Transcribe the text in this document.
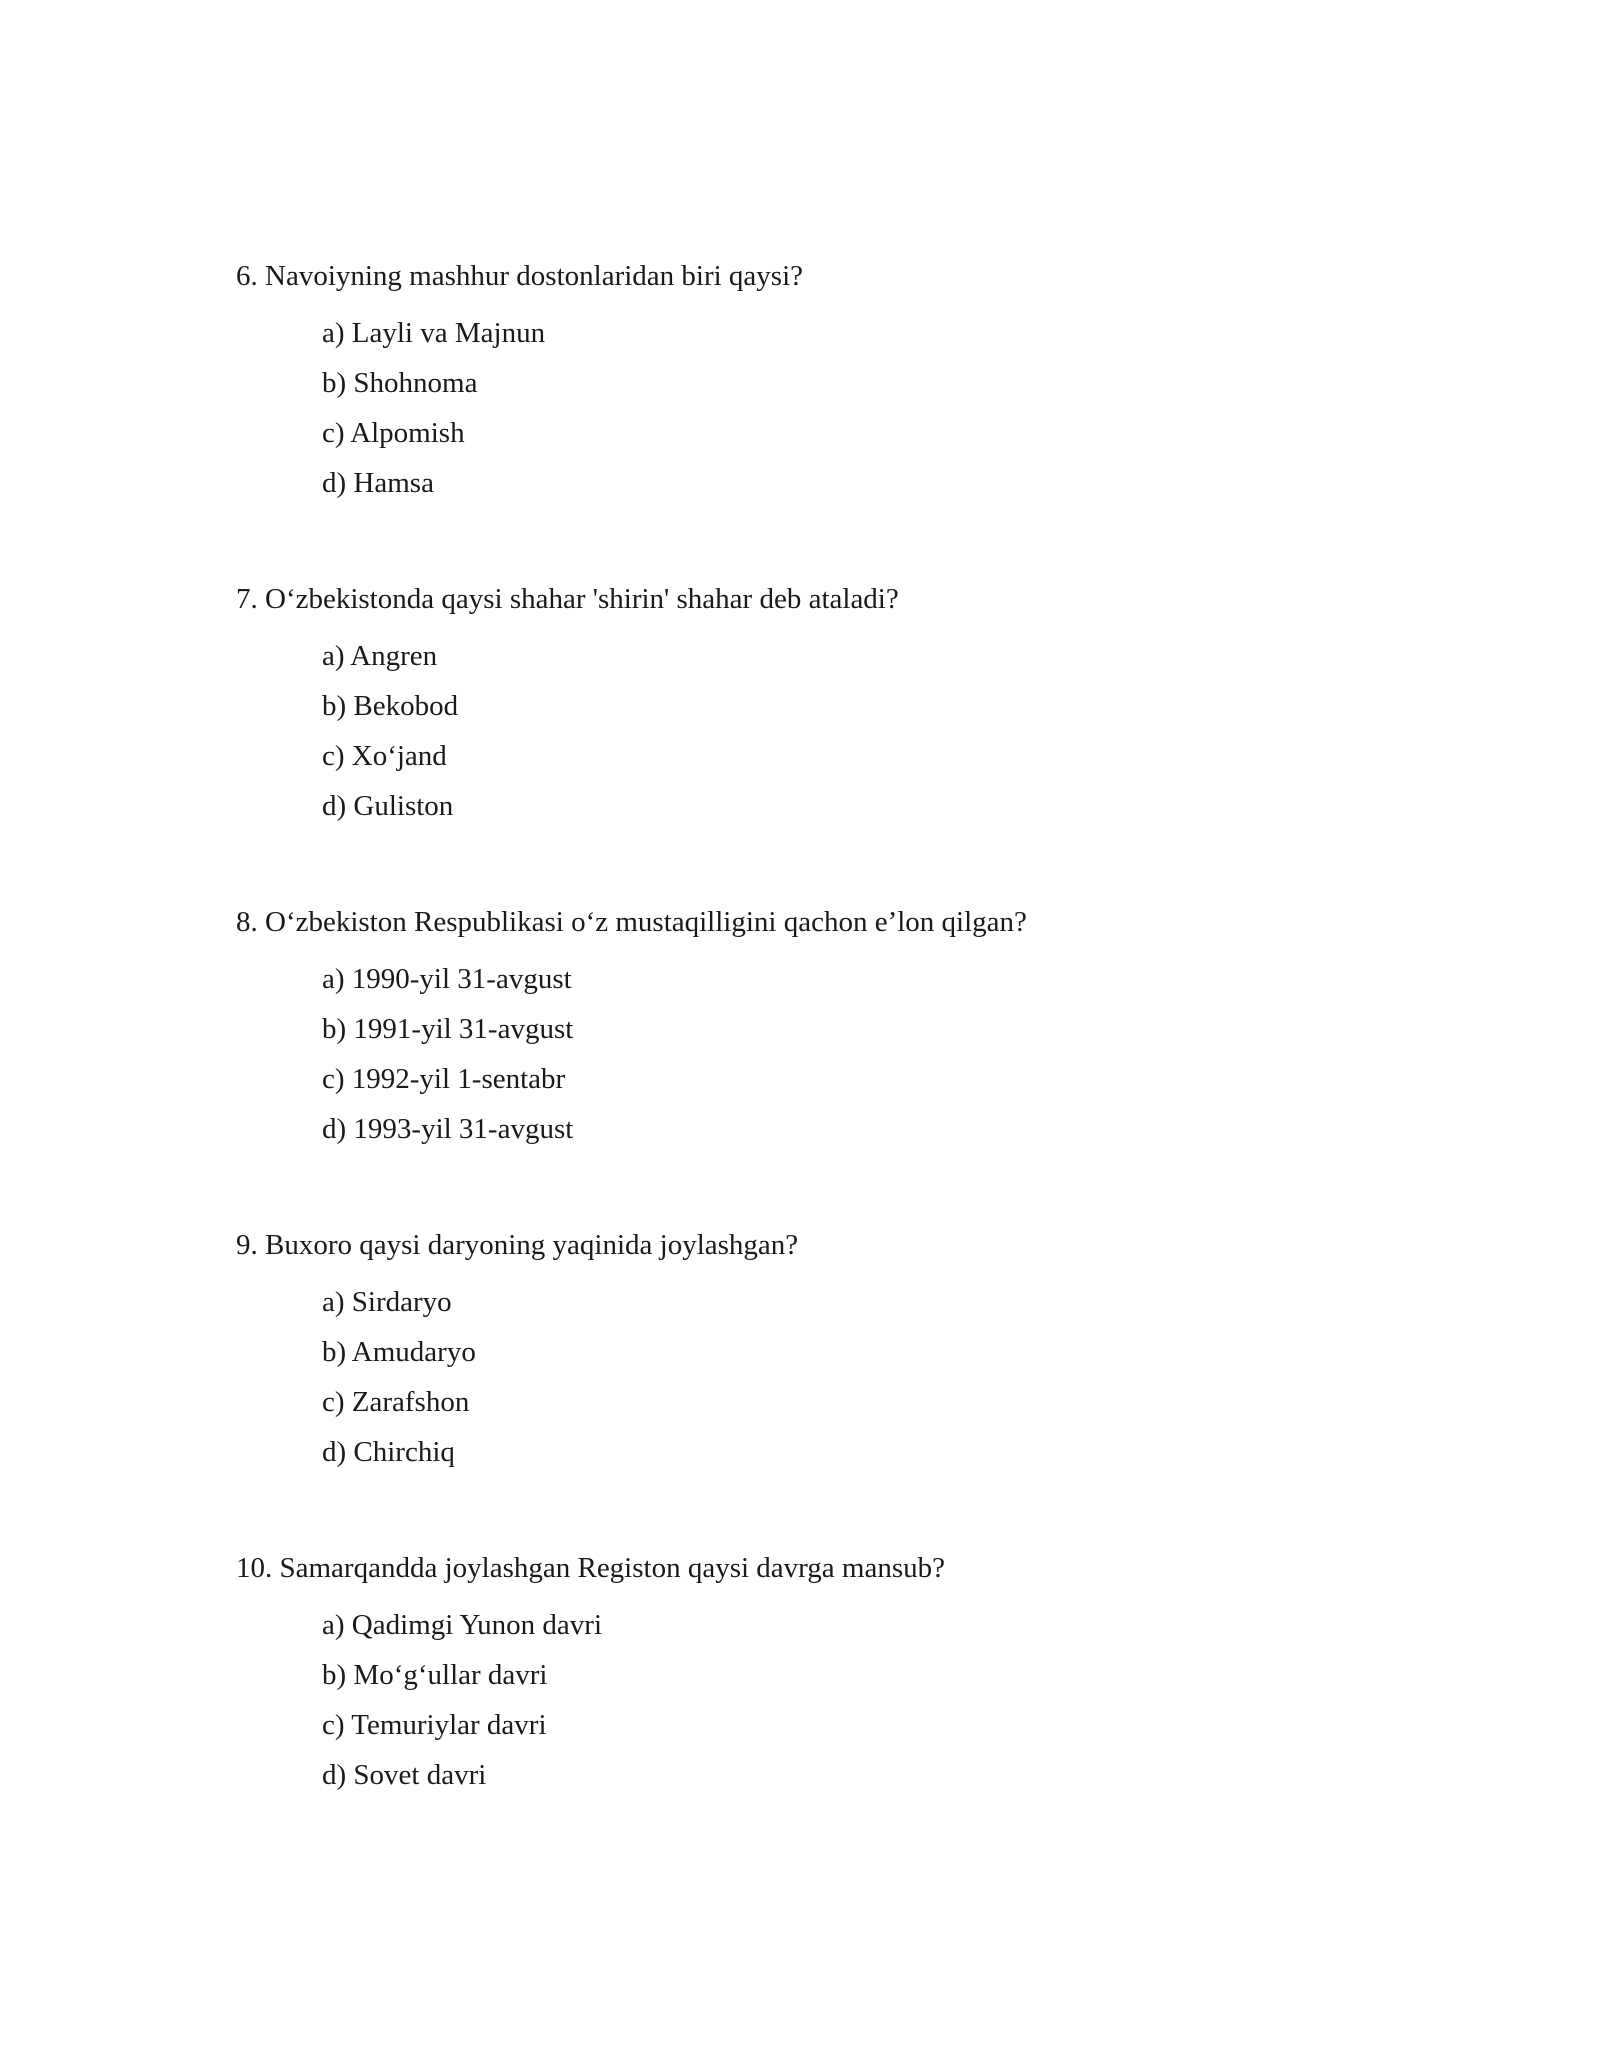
6. Navoiyning mashhur dostonlaridan biri qaysi?

a) Layli va Majnun
b) Shohnoma
c) Alpomish
d) Hamsa

7. O‘zbekistonda qaysi shahar 'shirin' shahar deb ataladi?

a) Angren
b) Bekobod
c) Xo‘jand
d) Guliston

8. O‘zbekiston Respublikasi o‘z mustaqilligini qachon e’lon qilgan?

a) 1990-yil 31-avgust
b) 1991-yil 31-avgust
c) 1992-yil 1-sentabr
d) 1993-yil 31-avgust

9. Buxoro qaysi daryoning yaqinida joylashgan?

a) Sirdaryo
b) Amudaryo
c) Zarafshon
d) Chirchiq

10. Samarqandda joylashgan Registon qaysi davrga mansub?

a) Qadimgi Yunon davri
b) Mo‘g‘ullar davri
c) Temuriylar davri
d) Sovet davri
